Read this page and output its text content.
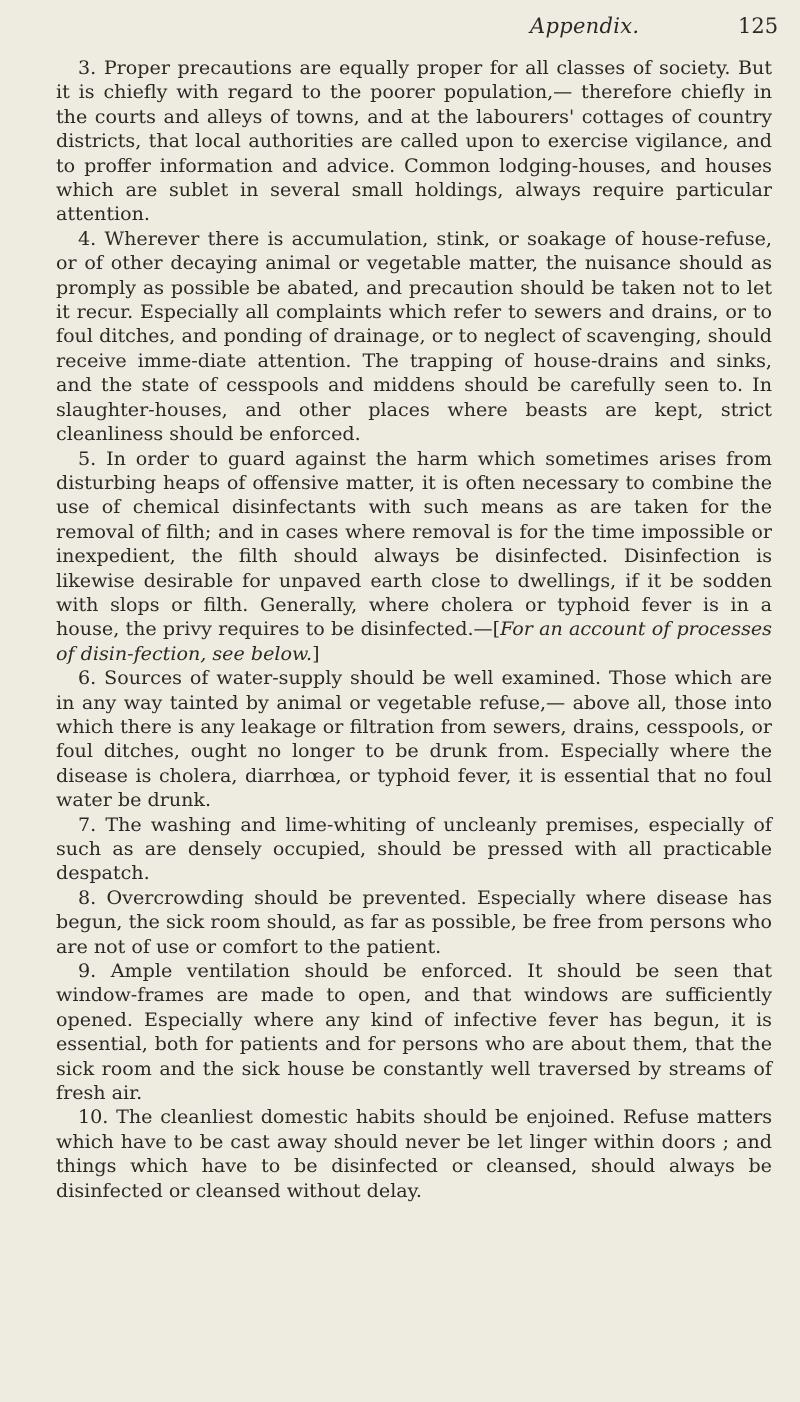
Appendix.	125

3. Proper precautions are equally proper for all classes of society. But it is chiefly with regard to the poorer population,— therefore chiefly in the courts and alleys of towns, and at the labourers' cottages of country districts, that local authorities are called upon to exercise vigilance, and to proffer information and advice. Common lodging-houses, and houses which are sublet in several small holdings, always require particular attention.

4. Wherever there is accumulation, stink, or soakage of house-refuse, or of other decaying animal or vegetable matter, the nuisance should as promply as possible be abated, and precaution should be taken not to let it recur. Especially all complaints which refer to sewers and drains, or to foul ditches, and ponding of drainage, or to neglect of scavenging, should receive imme-diate attention. The trapping of house-drains and sinks, and the state of cesspools and middens should be carefully seen to. In slaughter-houses, and other places where beasts are kept, strict cleanliness should be enforced.

5. In order to guard against the harm which sometimes arises from disturbing heaps of offensive matter, it is often necessary to combine the use of chemical disinfectants with such means as are taken for the removal of filth; and in cases where removal is for the time impossible or inexpedient, the filth should always be disinfected. Disinfection is likewise desirable for unpaved earth close to dwellings, if it be sodden with slops or filth. Generally, where cholera or typhoid fever is in a house, the privy requires to be disinfected.—[For an account of processes of disin-fection, see below.]

6. Sources of water-supply should be well examined. Those which are in any way tainted by animal or vegetable refuse,— above all, those into which there is any leakage or filtration from sewers, drains, cesspools, or foul ditches, ought no longer to be drunk from. Especially where the disease is cholera, diarrhœa, or typhoid fever, it is essential that no foul water be drunk.

7. The washing and lime-whiting of uncleanly premises, especially of such as are densely occupied, should be pressed with all practicable despatch.

8. Overcrowding should be prevented. Especially where disease has begun, the sick room should, as far as possible, be free from persons who are not of use or comfort to the patient.

9. Ample ventilation should be enforced. It should be seen that window-frames are made to open, and that windows are sufficiently opened. Especially where any kind of infective fever has begun, it is essential, both for patients and for persons who are about them, that the sick room and the sick house be constantly well traversed by streams of fresh air.

10. The cleanliest domestic habits should be enjoined. Refuse matters which have to be cast away should never be let linger within doors ; and things which have to be disinfected or cleansed, should always be disinfected or cleansed without delay.
